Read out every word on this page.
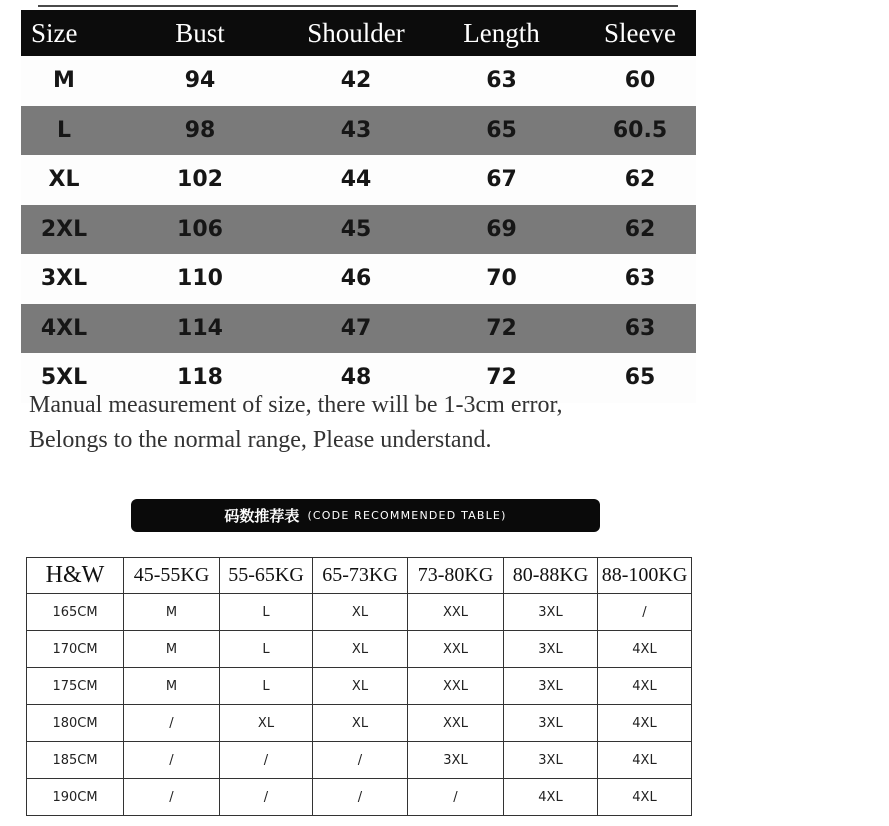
Size	Bust	Shoulder	Length	Sleeve
M	94	42	63	60
L	98	43	65	60.5
XL	102	44	67	62
2XL	106	45	69	62
3XL	110	46	70	63
4XL	114	47	72	63
5XL	118	48	72	65
Manual measurement of size, there will be 1-3cm error,
Belongs to the normal range, Please understand.
码数推荐表 (CODE RECOMMENDED TABLE)
H&W	45-55KG	55-65KG	65-73KG	73-80KG	80-88KG	88-100KG
165CM	M	L	XL	XXL	3XL	/
170CM	M	L	XL	XXL	3XL	4XL
175CM	M	L	XL	XXL	3XL	4XL
180CM	/	XL	XL	XXL	3XL	4XL
185CM	/	/	/	3XL	3XL	4XL
190CM	/	/	/	/	4XL	4XL
